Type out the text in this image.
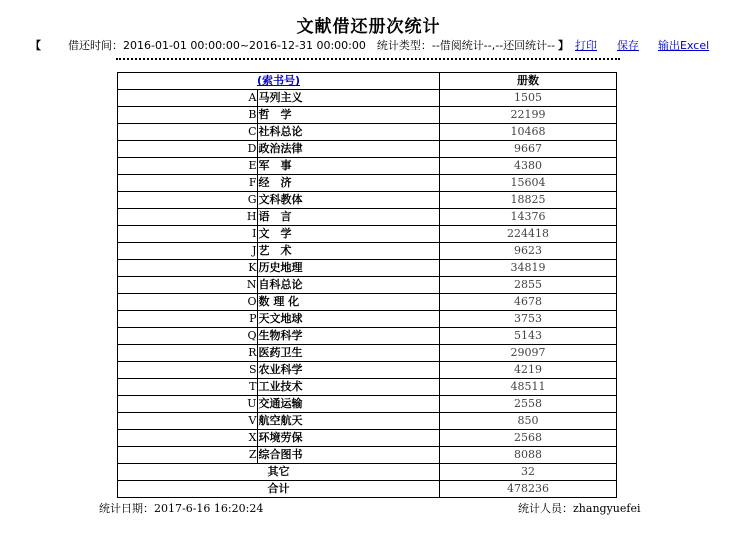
文献借还册次统计
【 借还时间：2016-01-01 00:00:00~2016-12-31 00:00:00　统计类型：--借阅统计--,--还回统计-- 】 打印 保存 输出Excel
(索书号)	册数

A 马列主义	1505

B 哲　学	22199

C 社科总论	10468

D 政治法律	9667

E 军　事	4380

F 经　济	15604

G 文科教体	18825

H 语　言	14376

I 文　学	224418

J 艺　术	9623

K 历史地理	34819

N 自科总论	2855

O 数 理 化	4678

P 天文地球	3753

Q 生物科学	5143

R 医药卫生	29097

S 农业科学	4219

T 工业技术	48511

U 交通运输	2558

V 航空航天	850

X 环境劳保	2568

Z 综合图书	8088
其它	32
合计	478236
统计日期：2017-6-16 16:20:24	统计人员：zhangyuefei
